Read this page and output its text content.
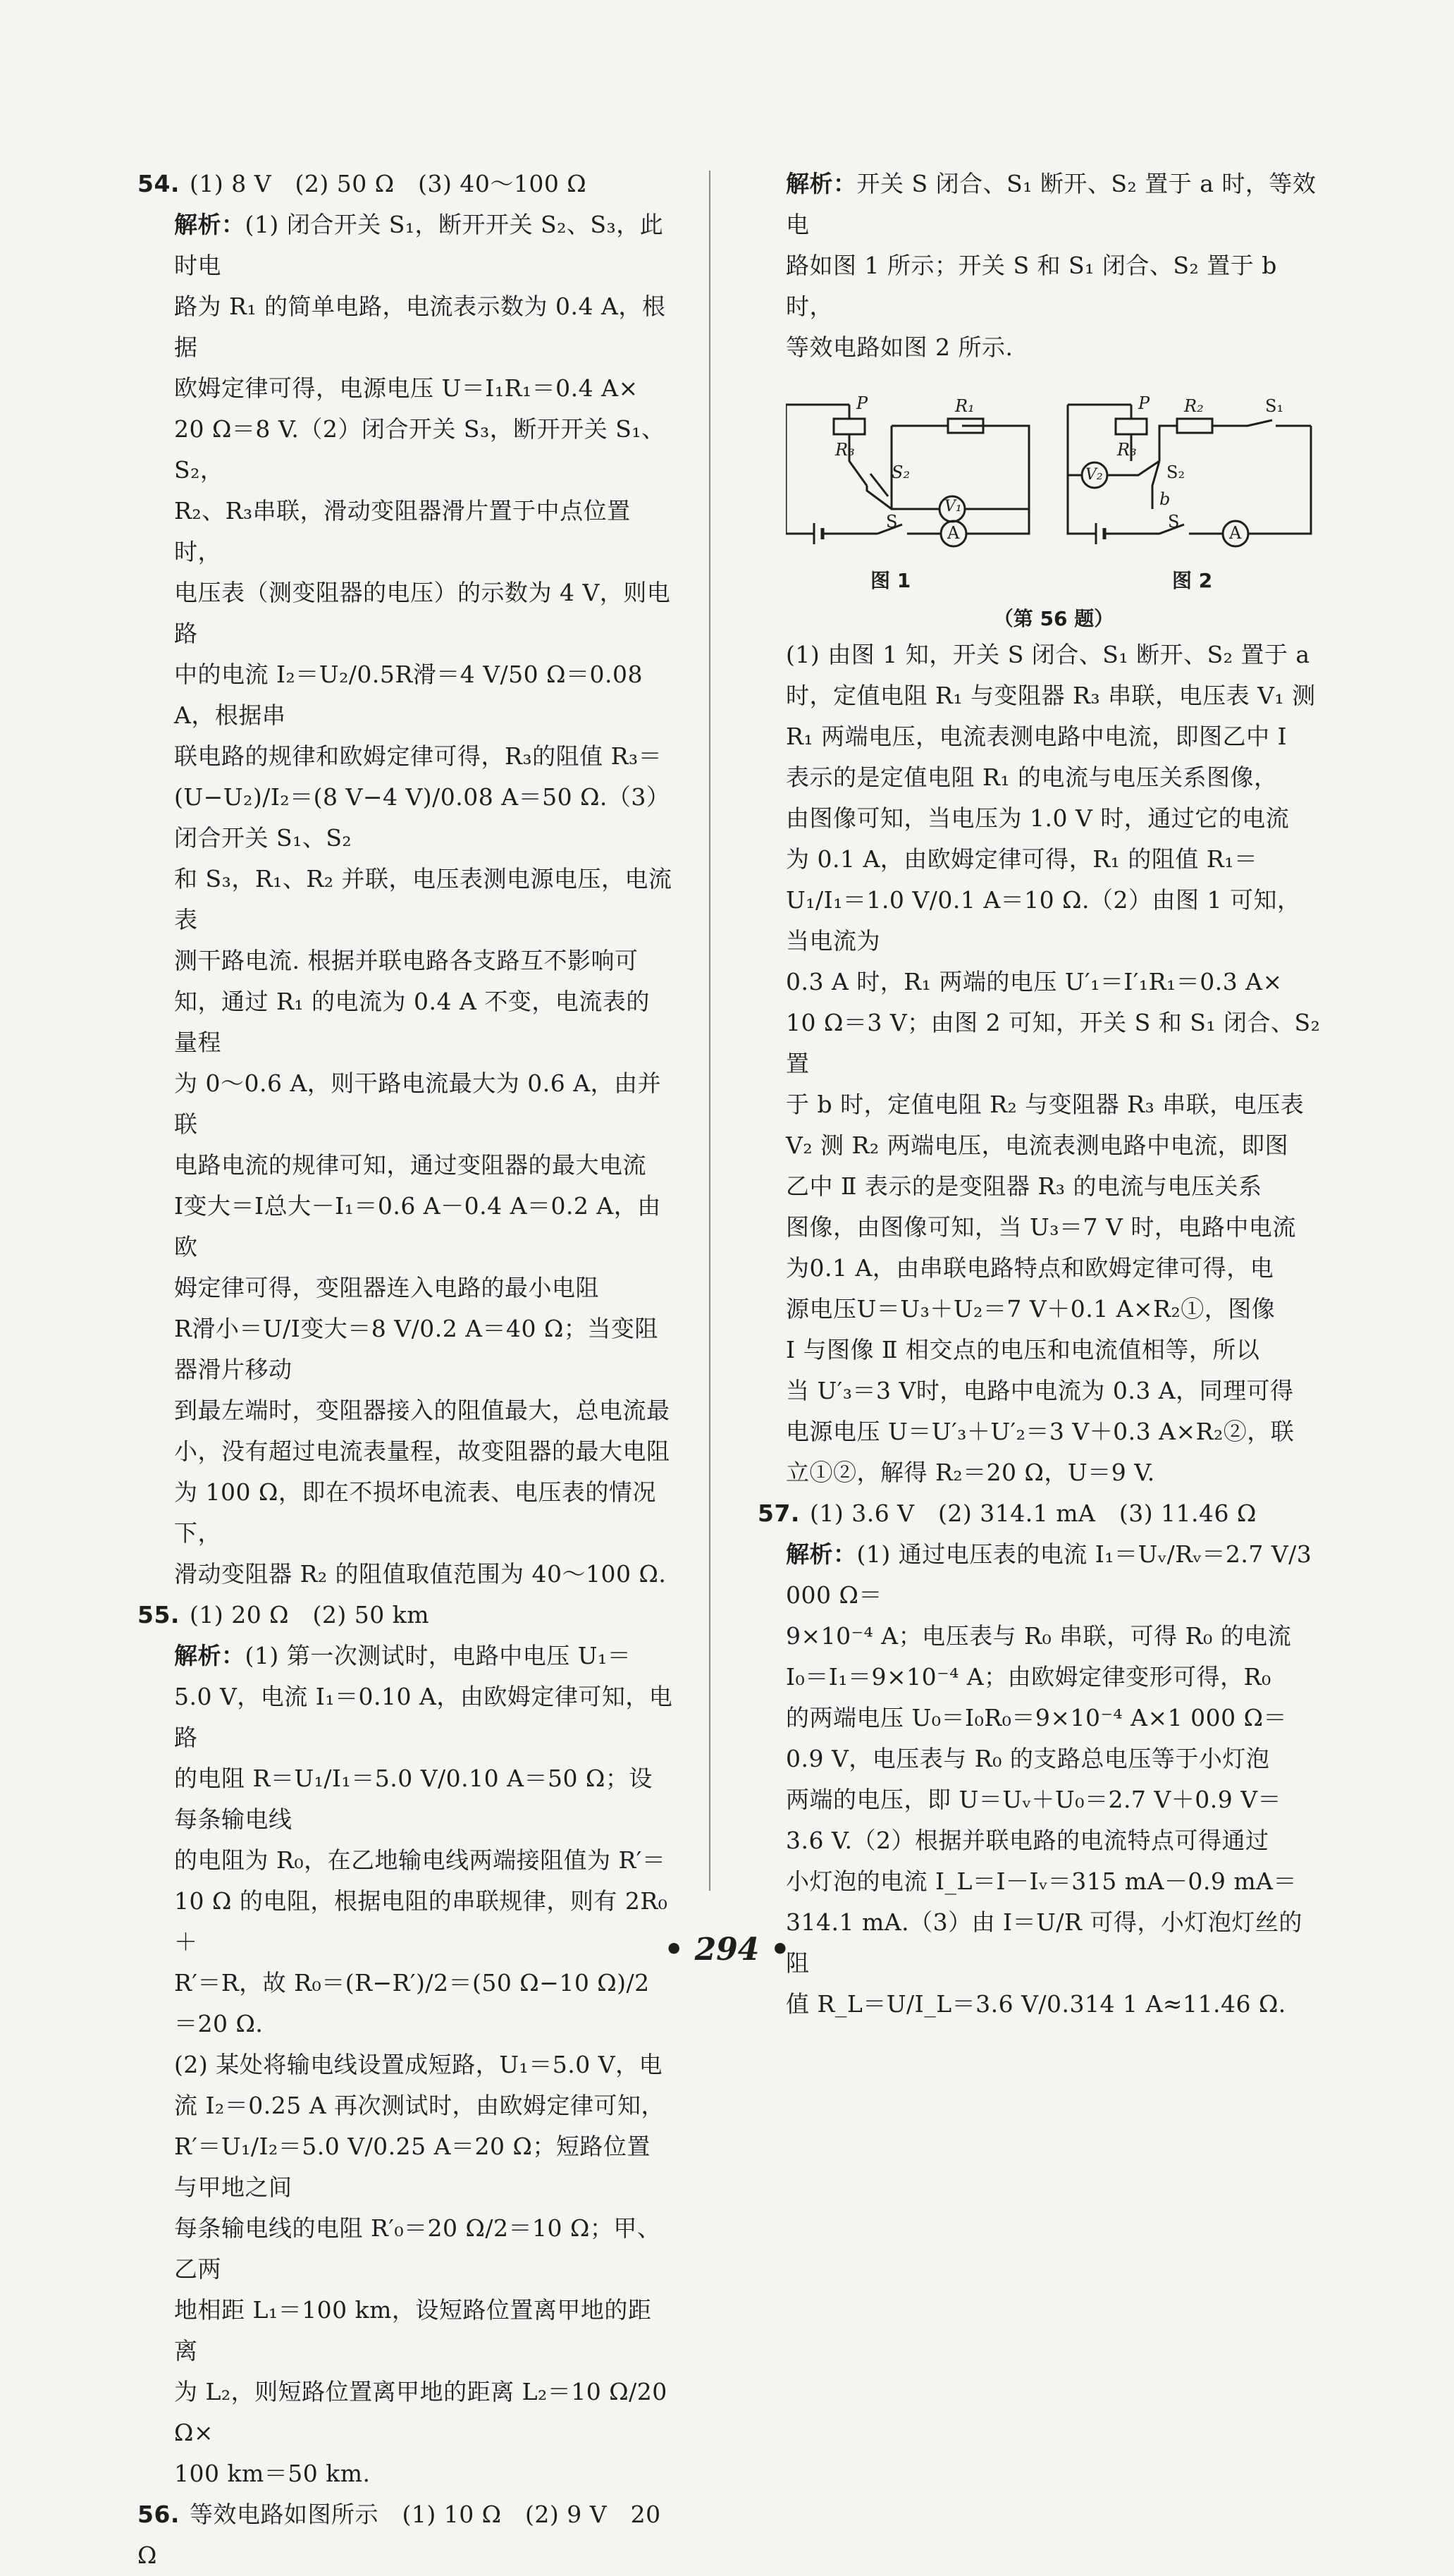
54. (1) 8 V　(2) 50 Ω　(3) 40～100 Ω

解析：(1) 闭合开关 S₁，断开开关 S₂、S₃，此时电

路为 R₁ 的简单电路，电流表示数为 0.4 A，根据

欧姆定律可得，电源电压 U＝I₁R₁＝0.4 A×

20 Ω＝8 V.（2）闭合开关 S₃，断开开关 S₁、S₂，

R₂、R₃串联，滑动变阻器滑片置于中点位置时，

电压表（测变阻器的电压）的示数为 4 V，则电路

中的电流 I₂＝U₂/0.5R滑＝4 V/50 Ω＝0.08 A，根据串

联电路的规律和欧姆定律可得，R₃的阻值 R₃＝

(U−U₂)/I₂＝(8 V−4 V)/0.08 A＝50 Ω.（3）闭合开关 S₁、S₂

和 S₃，R₁、R₂ 并联，电压表测电源电压，电流表

测干路电流. 根据并联电路各支路互不影响可

知，通过 R₁ 的电流为 0.4 A 不变，电流表的量程

为 0～0.6 A，则干路电流最大为 0.6 A，由并联

电路电流的规律可知，通过变阻器的最大电流

I变大＝I总大－I₁＝0.6 A－0.4 A＝0.2 A，由欧

姆定律可得，变阻器连入电路的最小电阻

R滑小＝U/I变大＝8 V/0.2 A＝40 Ω；当变阻器滑片移动

到最左端时，变阻器接入的阻值最大，总电流最

小，没有超过电流表量程，故变阻器的最大电阻

为 100 Ω，即在不损坏电流表、电压表的情况下，

滑动变阻器 R₂ 的阻值取值范围为 40～100 Ω.

55. (1) 20 Ω　(2) 50 km

解析：(1) 第一次测试时，电路中电压 U₁＝

5.0 V，电流 I₁＝0.10 A，由欧姆定律可知，电路

的电阻 R＝U₁/I₁＝5.0 V/0.10 A＝50 Ω；设每条输电线

的电阻为 R₀，在乙地输电线两端接阻值为 R′＝

10 Ω 的电阻，根据电阻的串联规律，则有 2R₀＋

R′＝R，故 R₀＝(R−R′)/2＝(50 Ω−10 Ω)/2＝20 Ω.

(2) 某处将输电线设置成短路，U₁＝5.0 V，电

流 I₂＝0.25 A 再次测试时，由欧姆定律可知，

R′＝U₁/I₂＝5.0 V/0.25 A＝20 Ω；短路位置与甲地之间

每条输电线的电阻 R′₀＝20 Ω/2＝10 Ω；甲、乙两

地相距 L₁＝100 km，设短路位置离甲地的距离

为 L₂，则短路位置离甲地的距离 L₂＝10 Ω/20 Ω×

100 km＝50 km.

56. 等效电路如图所示　(1) 10 Ω　(2) 9 V　20 Ω

解析：开关 S 闭合、S₁ 断开、S₂ 置于 a 时，等效电

路如图 1 所示；开关 S 和 S₁ 闭合、S₂ 置于 b 时，

等效电路如图 2 所示.

图 1	图 2
P
R₃
R₁
S₂
V₁
S
A
P
R₃
R₂	S₁
S₂
V₂
b
S
A
（第 56 题）

(1) 由图 1 知，开关 S 闭合、S₁ 断开、S₂ 置于 a

时，定值电阻 R₁ 与变阻器 R₃ 串联，电压表 V₁ 测

R₁ 两端电压，电流表测电路中电流，即图乙中 Ⅰ

表示的是定值电阻 R₁ 的电流与电压关系图像，

由图像可知，当电压为 1.0 V 时，通过它的电流

为 0.1 A，由欧姆定律可得，R₁ 的阻值 R₁＝

U₁/I₁＝1.0 V/0.1 A＝10 Ω.（2）由图 1 可知，当电流为

0.3 A 时，R₁ 两端的电压 U′₁＝I′₁R₁＝0.3 A×

10 Ω＝3 V；由图 2 可知，开关 S 和 S₁ 闭合、S₂置

于 b 时，定值电阻 R₂ 与变阻器 R₃ 串联，电压表

V₂ 测 R₂ 两端电压，电流表测电路中电流，即图

乙中 Ⅱ 表示的是变阻器 R₃ 的电流与电压关系

图像，由图像可知，当 U₃＝7 V 时，电路中电流

为0.1 A，由串联电路特点和欧姆定律可得，电

源电压U＝U₃＋U₂＝7 V＋0.1 A×R₂①，图像

Ⅰ 与图像 Ⅱ 相交点的电压和电流值相等，所以

当 U′₃＝3 V时，电路中电流为 0.3 A，同理可得

电源电压 U＝U′₃＋U′₂＝3 V＋0.3 A×R₂②，联

立①②，解得 R₂＝20 Ω，U＝9 V.

57. (1) 3.6 V　(2) 314.1 mA　(3) 11.46 Ω

解析：(1) 通过电压表的电流 I₁＝Uᵥ/Rᵥ＝2.7 V/3 000 Ω＝

9×10⁻⁴ A；电压表与 R₀ 串联，可得 R₀ 的电流

I₀＝I₁＝9×10⁻⁴ A；由欧姆定律变形可得，R₀

的两端电压 U₀＝I₀R₀＝9×10⁻⁴ A×1 000 Ω＝

0.9 V，电压表与 R₀ 的支路总电压等于小灯泡

两端的电压，即 U＝Uᵥ＋U₀＝2.7 V＋0.9 V＝

3.6 V.（2）根据并联电路的电流特点可得通过

小灯泡的电流 I_L＝I－Iᵥ＝315 mA－0.9 mA＝

314.1 mA.（3）由 I＝U/R 可得，小灯泡灯丝的阻

值 R_L＝U/I_L＝3.6 V/0.314 1 A≈11.46 Ω.

• 294 •
